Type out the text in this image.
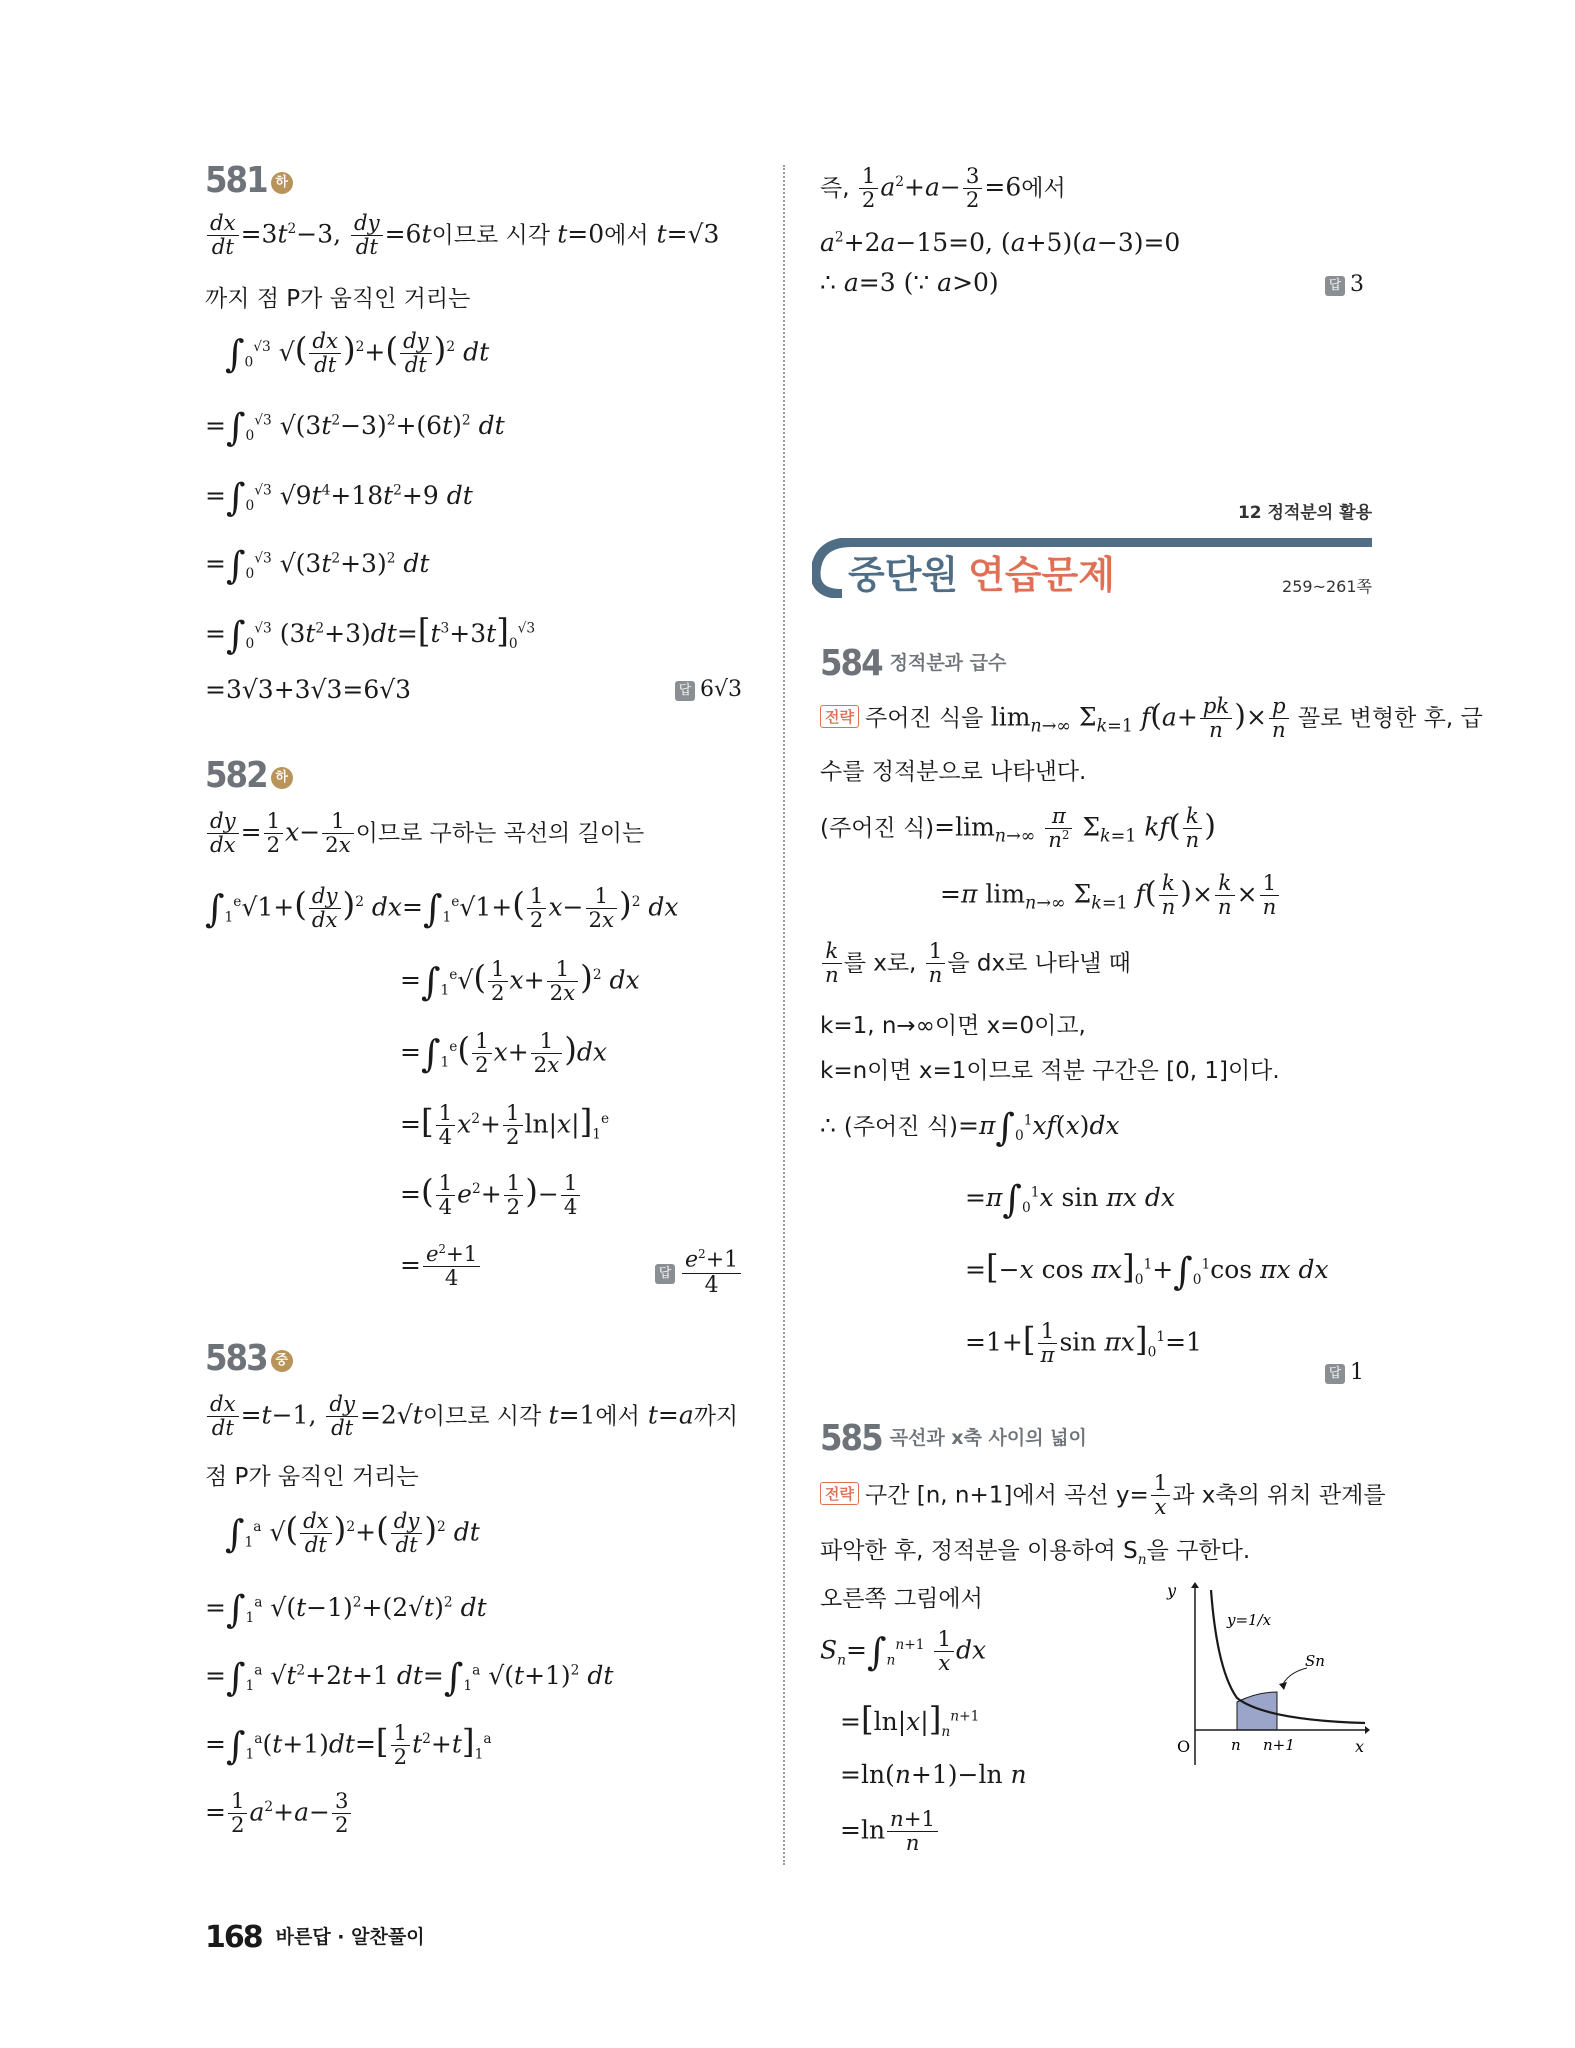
581 하
$\frac{dx}{dt} =3t^2-3$, $\frac{dy}{dt} =6t$이므로 시각 t=0에서 t=√3
까지 점 P가 움직인 거리는
$\int_0^{√3}$ √( $\frac{dx}{dt} )^2+( \frac{dy}{dt} )^2$ dt
$=\int_0^{√3}$ $√(3t^2-3)^2+(6t)^2$ dt
$=\int_0^{√3}$ $√9t^4+18t^2+9$ dt
$=\int_0^{√3}$ $√(3t^2+3)^2$ dt
$=\int_0^{√3}$ $(3t^2+3)dt=[t^3+3t]_0^{√3}$
=3√3+3√3=6√3	답 6√3
582 하
$\frac{dy}{dx} = \frac{1}{2} x- \frac{1}{2x}$ 이므로 구하는 곡선의 길이는
$\int_1^e√1+( \frac{dy}{dx} )^2$ $dx=\int_1^e√1+( \frac{1}{2} x- \frac{1}{2x} )^2$ dx
$=\int_1^e√( \frac{1}{2} x+ \frac{1}{2x} )^2$ dx
$=\int_1^e( \frac{1}{2} x+ \frac{1}{2x} )dx$
=[ $\frac{1}{4} x^2+ \frac{1}{2} \ln|x|]_1^e$
=( $\frac{1}{4} e^2+ \frac{1}{2}$ )− $\frac{1}{4}$
= $\frac{e^2+1}{4}$	답 $\frac{e^2+1}{4}$
583 중
$\frac{dx}{dt} =t-1$, $\frac{dy}{dt} =2√t$이므로 시각 t=1에서 t=a까지
점 P가 움직인 거리는
$\int_1^a$ √( $\frac{dx}{dt} )^2+( \frac{dy}{dt} )^2$ dt
$=\int_1^a$ $√(t-1)^2+(2√t)^2$ dt
$=\int_1^a$ $√t^2+2t+1$ $dt=\int_1^a$ $√(t+1)^2$ dt
$=\int_1^a(t+1)dt=[ \frac{1}{2} t^2+t]_1^a$
= $\frac{1}{2} a^2+a- \frac{3}{2}$
즉, $\frac{1}{2} a^2+a- \frac{3}{2} =6$에서
$a^2+2a-15=0$, (a+5)(a−3)=0
∴ a=3 (∵ a>0)	답 3
12 정적분의 활용
중단원 연습문제	259~261쪽
584 정적분과 급수
전략 주어진 식을 $\lim_{n\to\infty} \Sigma_{k=1}$ $f(a+ \frac{pk}{n}$ )× $\frac{p}{n}$ 꼴로 변형한 후, 급
수를 정적분으로 나타낸다.
(주어진 식)$=\lim_{n\to\infty} \frac{\pi}{n^2} \Sigma_{k=1}$ $kf( \frac{k}{n}$ )
=π $\lim_{n\to\infty} \Sigma_{k=1}$ $f( \frac{k}{n}$ )× $\frac{k}{n} \times \frac{1}{n}$
$\frac{k}{n}$ 를 x로, $\frac{1}{n}$ 을 dx로 나타낼 때
k=1, n→∞이면 x=0이고,
k=n이면 x=1이므로 적분 구간은 [0, 1]이다.
∴ (주어진 식)$=\pi\int_0^1xf(x)dx$
$=\pi\int_0^1x$ sin πx dx
=[−x $\cos \pi x]_0^1+\int_0^1\cos$ πx dx
$=1+[ \frac{1}{\pi}$ $\sin \pi x]_0^1=1$
답 1
585 곡선과 x축 사이의 넓이
전략 구간 [n, n+1]에서 곡선 $y= \frac{1}{x}$ 과 x축의 위치 관계를
파악한 후, 정적분을 이용하여 $S_n$을 구한다.
오른쪽 그림에서
$S_n=\int_n^{n+1} \frac{1}{x}$ dx
$=[\ln|x|]_n^{n+1}$
=ln(n+1)−ln n
$=\ln \frac{n+1}{n}$
y
x
O
y=1/x
Sn
n n+1
168 바른답 · 알찬풀이
